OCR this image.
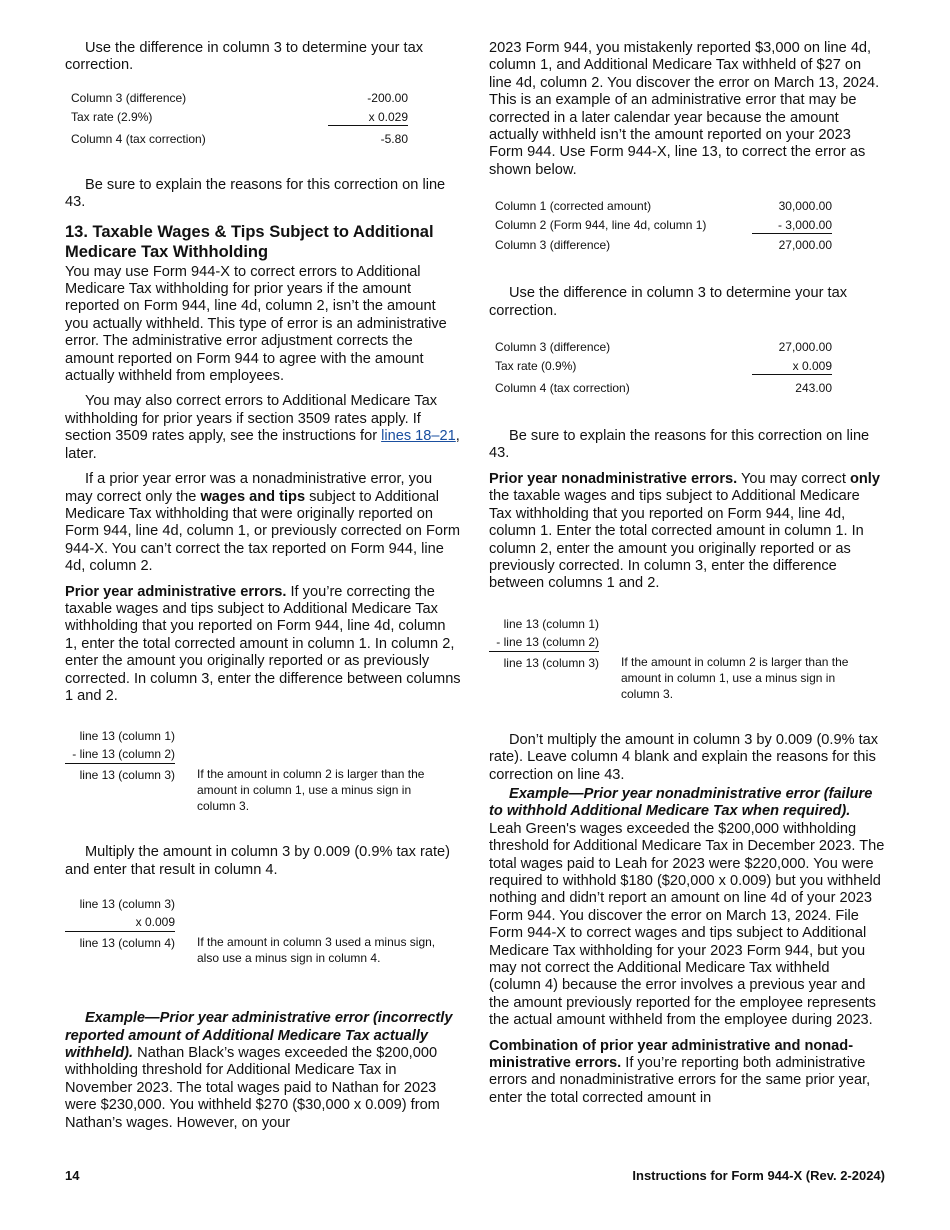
Use the difference in column 3 to determine your tax correction.

Column 3 (difference)	-200.00
Tax rate (2.9%)	x 0.029
Column 4 (tax correction)	-5.80

Be sure to explain the reasons for this correction on line 43.

13. Taxable Wages & Tips Subject to Additional Medicare Tax Withholding

You may use Form 944-X to correct errors to Additional Medicare Tax withholding for prior years if the amount reported on Form 944, line 4d, column 2, isn’t the amount you actually withheld. This type of error is an administrative error. The administrative error adjustment corrects the amount reported on Form 944 to agree with the amount actually withheld from employees.

You may also correct errors to Additional Medicare Tax withholding for prior years if section 3509 rates apply. If section 3509 rates apply, see the instructions for lines 18–21, later.

If a prior year error was a nonadministrative error, you may correct only the wages and tips subject to Additional Medicare Tax withholding that were originally reported on Form 944, line 4d, column 1, or previously corrected on Form 944-X. You can’t correct the tax reported on Form 944, line 4d, column 2.

Prior year administrative errors. If you’re correcting the taxable wages and tips subject to Additional Medicare Tax withholding that you reported on Form 944, line 4d, column 1, enter the total corrected amount in column 1. In column 2, enter the amount you originally reported or as previously corrected. In column 3, enter the difference between columns 1 and 2.

line 13 (column 1)
- line 13 (column 2)
line 13 (column 3) If the amount in column 2 is larger than the amount in column 1, use a minus sign in column 3.

Multiply the amount in column 3 by 0.009 (0.9% tax rate) and enter that result in column 4.

line 13 (column 3)
x 0.009
line 13 (column 4) If the amount in column 3 used a minus sign, also use a minus sign in column 4.

Example—Prior year administrative error (incorrectly reported amount of Additional Medicare Tax actually withheld). Nathan Black’s wages exceeded the $200,000 withholding threshold for Additional Medicare Tax in November 2023. The total wages paid to Nathan for 2023 were $230,000. You withheld $270 ($30,000 x 0.009) from Nathan’s wages. However, on your

2023 Form 944, you mistakenly reported $3,000 on line 4d, column 1, and Additional Medicare Tax withheld of $27 on line 4d, column 2. You discover the error on March 13, 2024. This is an example of an administrative error that may be corrected in a later calendar year because the amount actually withheld isn’t the amount reported on your 2023 Form 944. Use Form 944-X, line 13, to correct the error as shown below.

Column 1 (corrected amount)	30,000.00
Column 2 (Form 944, line 4d, column 1)	- 3,000.00
Column 3 (difference)	27,000.00

Use the difference in column 3 to determine your tax correction.

Column 3 (difference)	27,000.00
Tax rate (0.9%)	x 0.009
Column 4 (tax correction)	243.00

Be sure to explain the reasons for this correction on line 43.

Prior year nonadministrative errors. You may correct only the taxable wages and tips subject to Additional Medicare Tax withholding that you reported on Form 944, line 4d, column 1. Enter the total corrected amount in column 1. In column 2, enter the amount you originally reported or as previously corrected. In column 3, enter the difference between columns 1 and 2.

line 13 (column 1)
- line 13 (column 2)
line 13 (column 3) If the amount in column 2 is larger than the amount in column 1, use a minus sign in column 3.

Don’t multiply the amount in column 3 by 0.009 (0.9% tax rate). Leave column 4 blank and explain the reasons for this correction on line 43.

Example—Prior year nonadministrative error (failure to withhold Additional Medicare Tax when required). Leah Green's wages exceeded the $200,000 withholding threshold for Additional Medicare Tax in December 2023. The total wages paid to Leah for 2023 were $220,000. You were required to withhold $180 ($20,000 x 0.009) but you withheld nothing and didn’t report an amount on line 4d of your 2023 Form 944. You discover the error on March 13, 2024. File Form 944-X to correct wages and tips subject to Additional Medicare Tax withholding for your 2023 Form 944, but you may not correct the Additional Medicare Tax withheld (column 4) because the error involves a previous year and the amount previously reported for the employee represents the actual amount withheld from the employee during 2023.

Combination of prior year administrative and nonad-ministrative errors. If you’re reporting both administrative errors and nonadministrative errors for the same prior year, enter the total corrected amount in

14	Instructions for Form 944-X (Rev. 2-2024)
